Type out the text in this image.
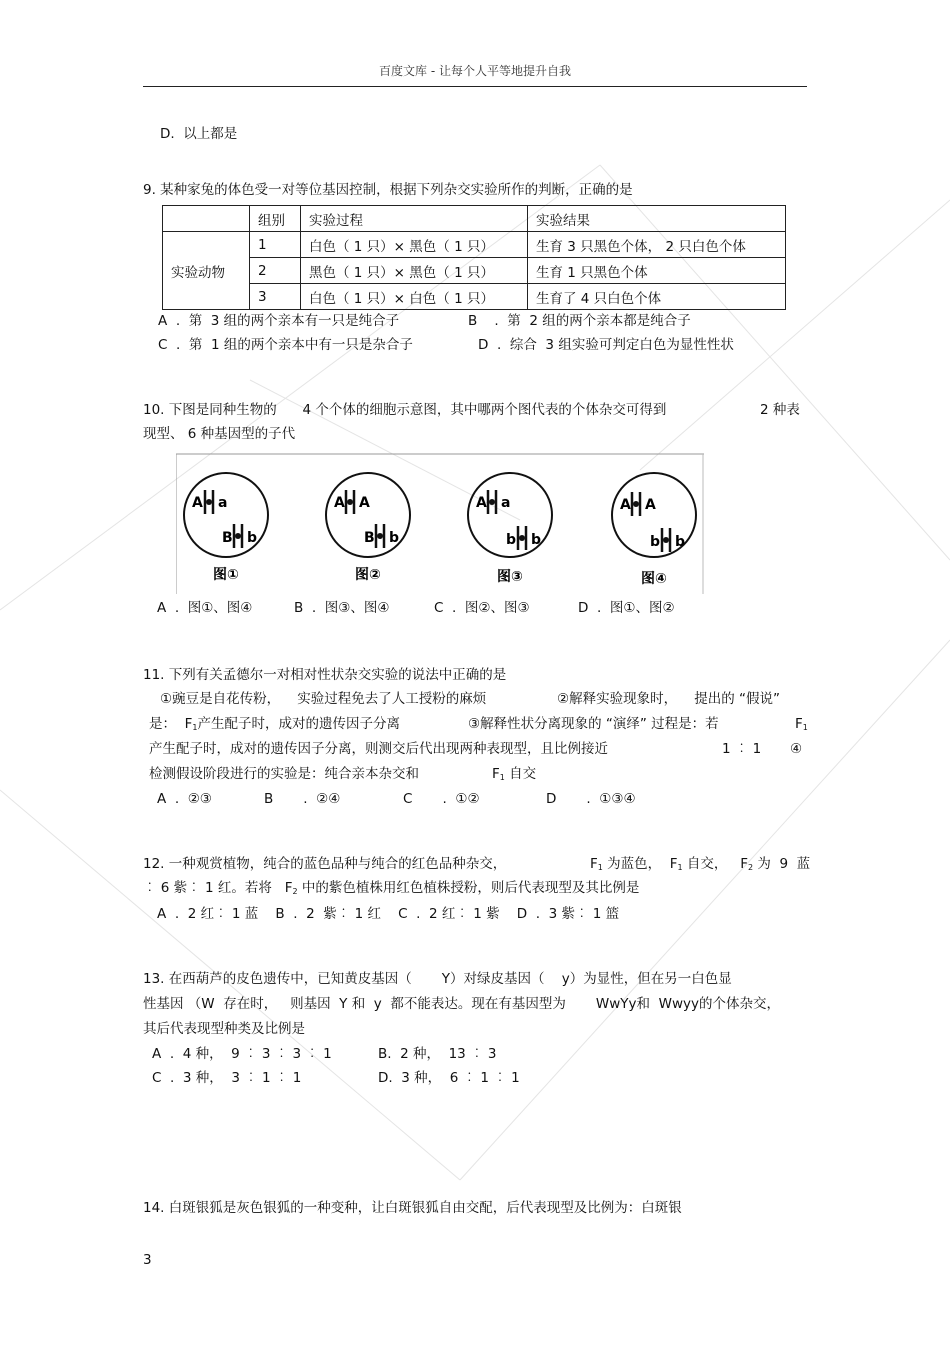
百度文库 - 让每个人平等地提升自我
D.  以上都是
9. 某种家兔的体色受一对等位基因控制，根据下列杂交实验所作的判断，正确的是
	组别	实验过程	实验结果
实验动物	1	白色（ 1 只）× 黑色（ 1 只）	生育 3 只黑色个体， 2 只白色个体
	2	黑色（ 1 只）× 黑色（ 1 只）	生育 1 只黑色个体
	3	白色（ 1 只）× 白色（ 1 只）	生育了 4 只白色个体
A  .  第  3 组的两个亲本有一只是纯合子	B    .  第  2 组的两个亲本都是纯合子
C  .  第  1 组的两个亲本中有一只是杂合子	D  .  综合  3 组实验可判定白色为显性性状
10. 下图是同种生物的      4 个个体的细胞示意图，其中哪两个图代表的个体杂交可得到	2 种表
现型、 6 种基因型的子代
A a
B b
图①
A A
B b
图②
A a
b b
图③
A A
b b
图④
A  .  图①、图④	B  .  图③、图④	C  .  图②、图③	D  .  图①、图②
11. 下列有关孟德尔一对相对性状杂交实验的说法中正确的是
①豌豆是自花传粉，    实验过程免去了人工授粉的麻烦	②解释实验现象时，    提出的 “假说”
是：  $F_1$产生配子时，成对的遗传因子分离	③解释性状分离现象的 “演绎” 过程是：若	$F_1$
产生配子时，成对的遗传因子分离，则测交后代出现两种表现型，且比例接近	1 ︰ 1 ④
检测假设阶段进行的实验是：纯合亲本杂交和	$F_1$ 自交
A  .  ②③	B       .  ②④	C       .  ①②	D       .  ①③④
12. 一种观赏植物，纯合的蓝色品种与纯合的红色品种杂交，	$F_1$ 为蓝色，  $F_1$ 自交，   $F_2$ 为  9  蓝
︰ 6 紫︰ 1 红。若将   $F_2$ 中的紫色植株用红色植株授粉，则后代表现型及其比例是
A  .  2 红︰ 1 蓝    B  .  2  紫︰ 1 红    C  .  2 红︰ 1 紫    D  .  3 紫︰ 1 篮
13. 在西葫芦的皮色遗传中，已知黄皮基因（       Y）对绿皮基因（    y）为显性，但在另一白色显
性基因 （W  存在时，   则基因  Y 和  y  都不能表达。现在有基因型为       WwYy和  Wwyy的个体杂交，
其后代表现型种类及比例是
A  .  4 种，  9 ︰ 3 ︰ 3 ︰ 1	B.  2 种，  13 ︰ 3
C  .  3 种，  3 ︰ 1 ︰ 1	D.  3 种，  6 ︰ 1 ︰ 1
14. 白斑银狐是灰色银狐的一种变种，让白斑银狐自由交配，后代表现型及比例为：白斑银
3
